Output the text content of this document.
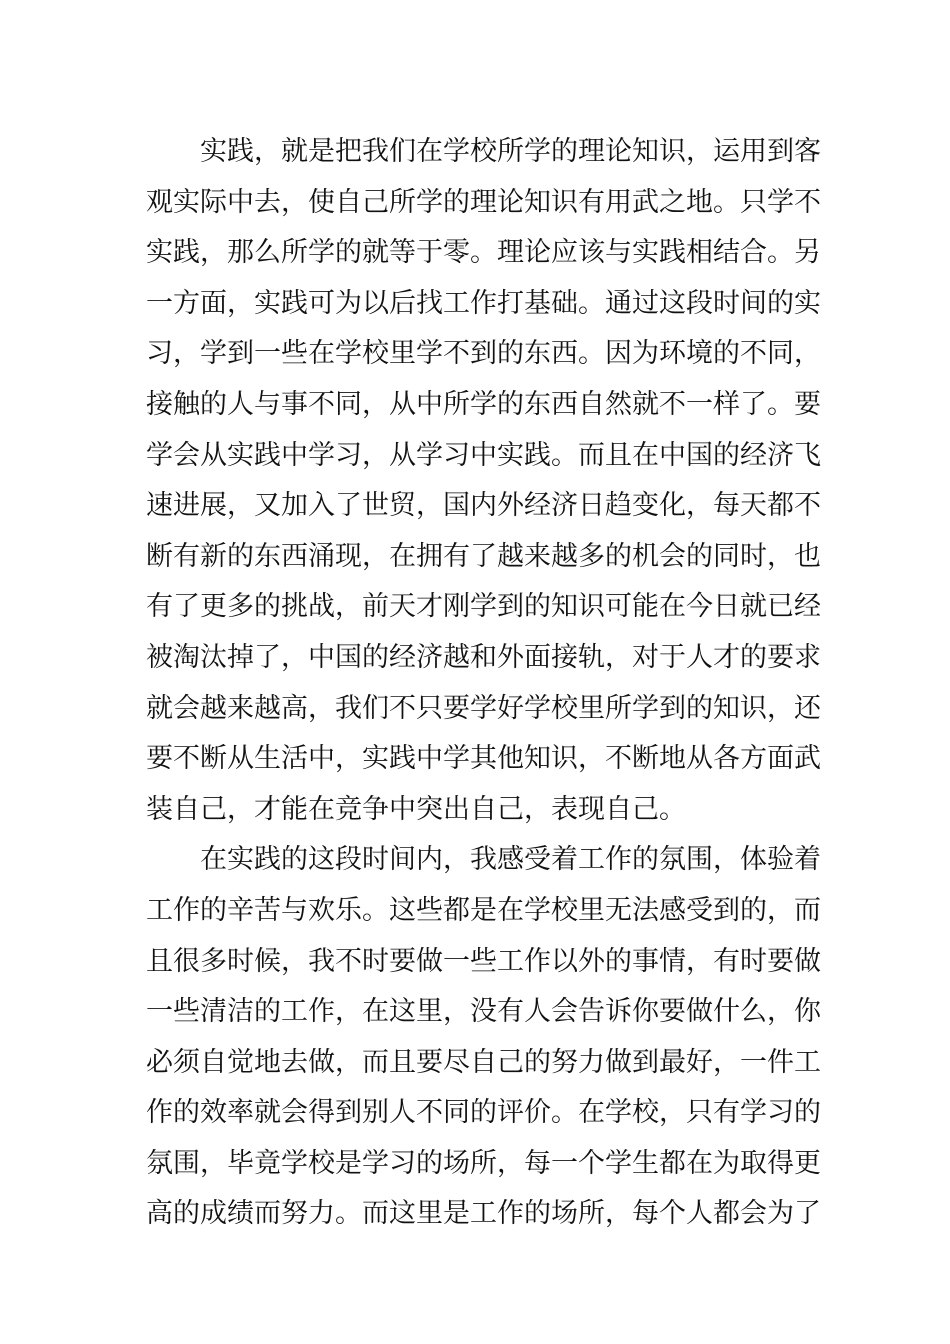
实践，就是把我们在学校所学的理论知识，运用到客
观实际中去，使自己所学的理论知识有用武之地。只学不
实践，那么所学的就等于零。理论应该与实践相结合。另
一方面，实践可为以后找工作打基础。通过这段时间的实
习，学到一些在学校里学不到的东西。因为环境的不同，
接触的人与事不同，从中所学的东西自然就不一样了。要
学会从实践中学习，从学习中实践。而且在中国的经济飞
速进展，又加入了世贸，国内外经济日趋变化，每天都不
断有新的东西涌现，在拥有了越来越多的机会的同时，也
有了更多的挑战，前天才刚学到的知识可能在今日就已经
被淘汰掉了，中国的经济越和外面接轨，对于人才的要求
就会越来越高，我们不只要学好学校里所学到的知识，还
要不断从生活中，实践中学其他知识，不断地从各方面武
装自己，才能在竞争中突出自己，表现自己。
在实践的这段时间内，我感受着工作的氛围，体验着
工作的辛苦与欢乐。这些都是在学校里无法感受到的，而
且很多时候，我不时要做一些工作以外的事情，有时要做
一些清洁的工作，在这里，没有人会告诉你要做什么，你
必须自觉地去做，而且要尽自己的努力做到最好，一件工
作的效率就会得到别人不同的评价。在学校，只有学习的
氛围，毕竟学校是学习的场所，每一个学生都在为取得更
高的成绩而努力。而这里是工作的场所，每个人都会为了
